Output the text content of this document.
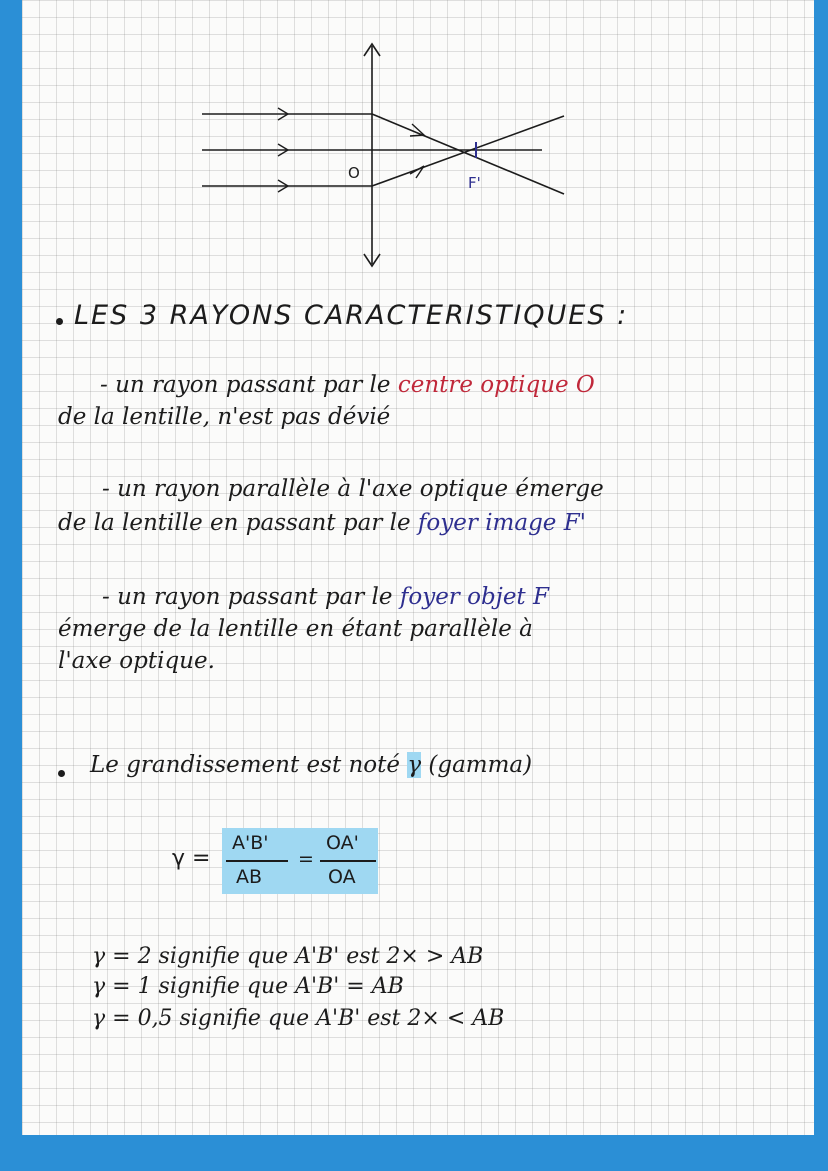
O
F'
LES 3 RAYONS CARACTERISTIQUES :
- un rayon passant par le centre optique O
de la lentille, n'est pas dévié
- un rayon parallèle à l'axe optique émerge
de la lentille en passant par le foyer image F'
- un rayon passant par le foyer objet F
émerge de la lentille en étant parallèle à
l'axe optique.
Le grandissement est noté γ (gamma)
γ =
A'B'
AB
=
OA'
OA
γ = 2 signifie que A'B' est 2× > AB
γ = 1 signifie que A'B' = AB
γ = 0,5 signifie que A'B' est 2× < AB
